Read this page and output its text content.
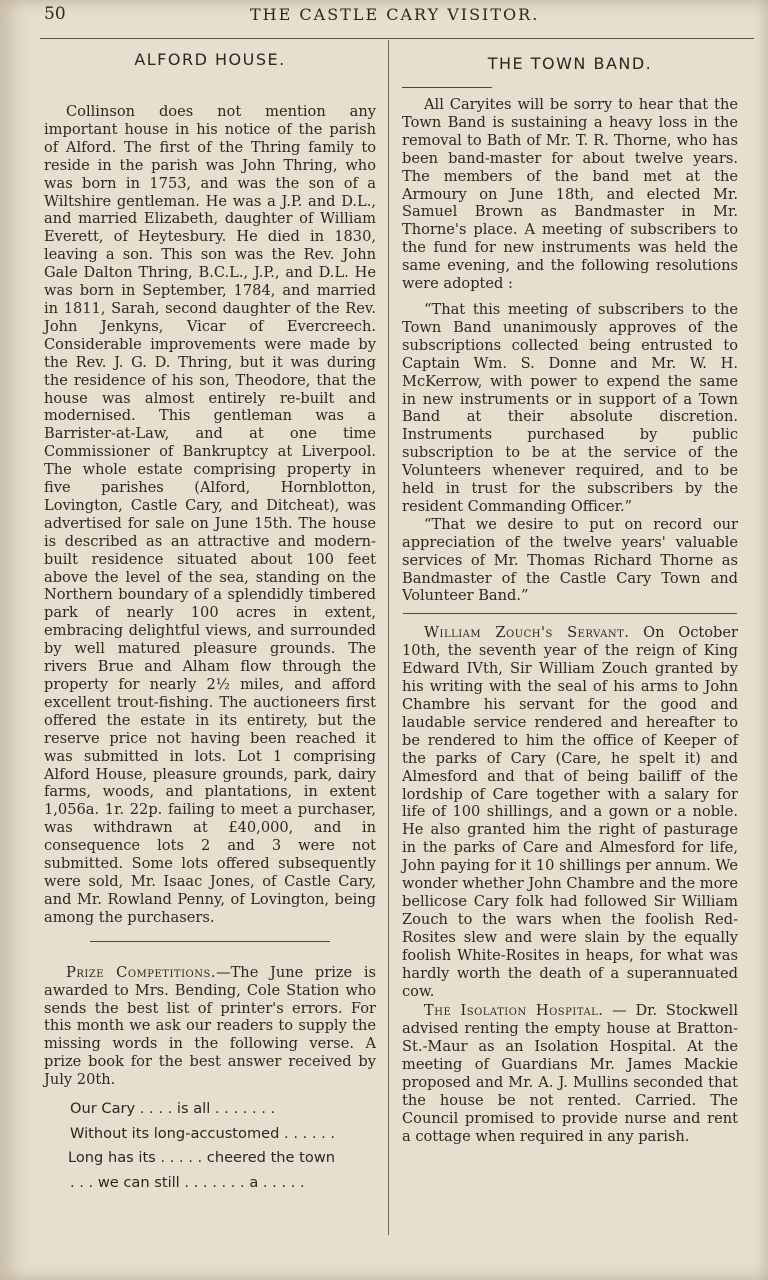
50	THE CASTLE CARY VISITOR.
ALFORD HOUSE.

Collinson does not mention any important house in his notice of the parish of Alford. The first of the Thring family to reside in the parish was John Thring, who was born in 1753, and was the son of a Wiltshire gentleman. He was a J.P. and D.L., and married Elizabeth, daughter of William Everett, of Heytesbury. He died in 1830, leaving a son. This son was the Rev. John Gale Dalton Thring, B.C.L., J.P., and D.L. He was born in September, 1784, and married in 1811, Sarah, second daughter of the Rev. John Jenkyns, Vicar of Evercreech. Considerable improvements were made by the Rev. J. G. D. Thring, but it was during the residence of his son, Theodore, that the house was almost entirely re-built and modernised. This gentleman was a Barrister-at-Law, and at one time Commissioner of Bankruptcy at Liverpool. The whole estate comprising property in five parishes (Alford, Hornblotton, Lovington, Castle Cary, and Ditcheat), was advertised for sale on June 15th. The house is described as an attractive and modern-built residence situated about 100 feet above the level of the sea, standing on the Northern boundary of a splendidly timbered park of nearly 100 acres in extent, embracing delightful views, and surrounded by well matured pleasure grounds. The rivers Brue and Alham flow through the property for nearly 2½ miles, and afford excellent trout-fishing. The auctioneers first offered the estate in its entirety, but the reserve price not having been reached it was submitted in lots. Lot 1 comprising Alford House, pleasure grounds, park, dairy farms, woods, and plantations, in extent 1,056a. 1r. 22p. failing to meet a purchaser, was withdrawn at £40,000, and in consequence lots 2 and 3 were not submitted. Some lots offered subsequently were sold, Mr. Isaac Jones, of Castle Cary, and Mr. Rowland Penny, of Lovington, being among the purchasers.

Prize Competitions.—The June prize is awarded to Mrs. Bending, Cole Station who sends the best list of printer's errors. For this month we ask our readers to supply the missing words in the following verse. A prize book for the best answer received by July 20th.

Our Cary . . . . is all . . . . . . .
Without its long-accustomed . . . . . .
Long has its . . . . . cheered the town
. . . we can still . . . . . . . a . . . . .
THE TOWN BAND.

All Caryites will be sorry to hear that the Town Band is sustaining a heavy loss in the removal to Bath of Mr. T. R. Thorne, who has been band-master for about twelve years. The members of the band met at the Armoury on June 18th, and elected Mr. Samuel Brown as Bandmaster in Mr. Thorne's place. A meeting of subscribers to the fund for new instruments was held the same evening, and the following resolutions were adopted :

“That this meeting of subscribers to the Town Band unanimously approves of the subscriptions collected being entrusted to Captain Wm. S. Donne and Mr. W. H. McKerrow, with power to expend the same in new instruments or in support of a Town Band at their absolute discretion. Instruments purchased by public subscription to be at the service of the Volunteers whenever required, and to be held in trust for the subscribers by the resident Commanding Officer.”

“That we desire to put on record our appreciation of the twelve years' valuable services of Mr. Thomas Richard Thorne as Bandmaster of the Castle Cary Town and Volunteer Band.”

William Zouch's Servant. On October 10th, the seventh year of the reign of King Edward IVth, Sir William Zouch granted by his writing with the seal of his arms to John Chambre his servant for the good and laudable service rendered and hereafter to be rendered to him the office of Keeper of the parks of Cary (Care, he spelt it) and Almesford and that of being bailiff of the lordship of Care together with a salary for life of 100 shillings, and a gown or a noble. He also granted him the right of pasturage in the parks of Care and Almesford for life, John paying for it 10 shillings per annum. We wonder whether John Chambre and the more bellicose Cary folk had followed Sir William Zouch to the wars when the foolish Red-Rosites slew and were slain by the equally foolish White-Rosites in heaps, for what was hardly worth the death of a superannuated cow.

The Isolation Hospital. — Dr. Stockwell advised renting the empty house at Bratton-St.-Maur as an Isolation Hospital. At the meeting of Guardians Mr. James Mackie proposed and Mr. A. J. Mullins seconded that the house be not rented. Carried. The Council promised to provide nurse and rent a cottage when required in any parish.
